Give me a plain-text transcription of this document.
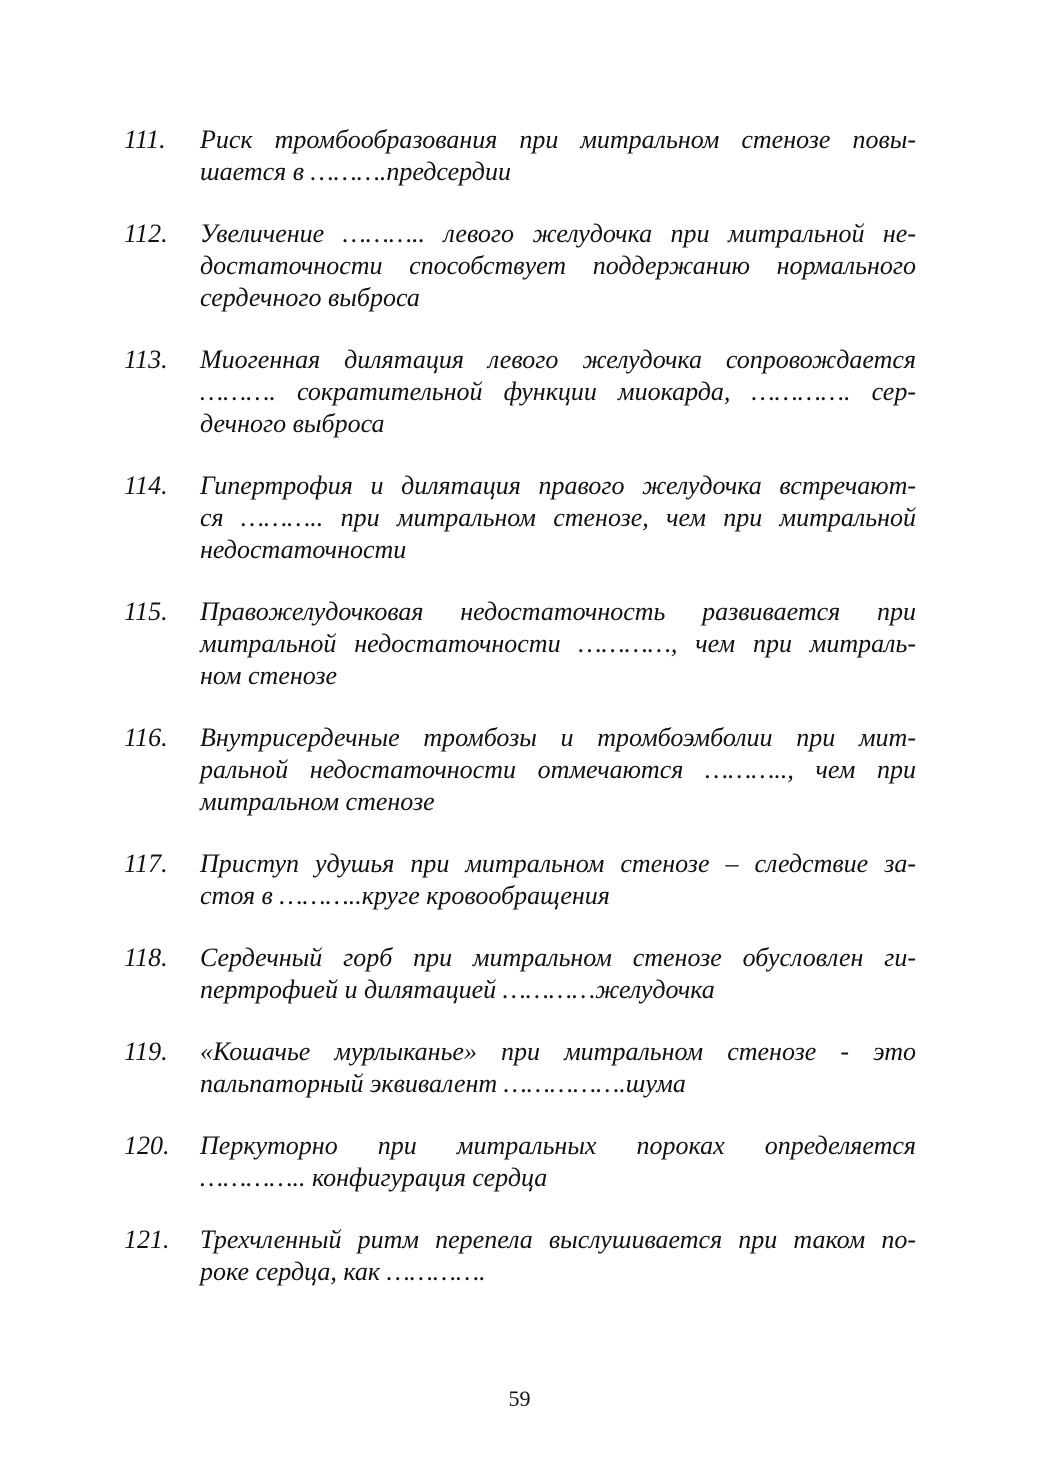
111.	Риск тромбообразования при митральном стенозе повы-
шается в ……….предсердии
112.	Увеличение ……….. левого желудочка при митральной не-
достаточности способствует поддержанию нормального
сердечного выброса
113.	Миогенная дилятация левого желудочка сопровождается
………. сократительной функции миокарда, …………. сер-
дечного выброса
114.	Гипертрофия и дилятация правого желудочка встречают-
ся ……….. при митральном стенозе, чем при митральной
недостаточности
115.	Правожелудочковая недостаточность развивается при
митральной недостаточности …………, чем при митраль-
ном стенозе
116.	Внутрисердечные тромбозы и тромбоэмболии при мит-
ральной недостаточности отмечаются ……….., чем при
митральном стенозе
117.	Приступ удушья при митральном стенозе – следствие за-
стоя в ………..круге кровообращения
118.	Сердечный горб при митральном стенозе обусловлен ги-
пертрофией и дилятацией …………желудочка
119.	«Кошачье мурлыканье» при митральном стенозе - это
пальпаторный эквивалент …………….шума
120.	Перкуторно при митральных пороках определяется
………….. конфигурация сердца
121.	Трехчленный ритм перепела выслушивается при таком по-
роке сердца, как ………….
59
